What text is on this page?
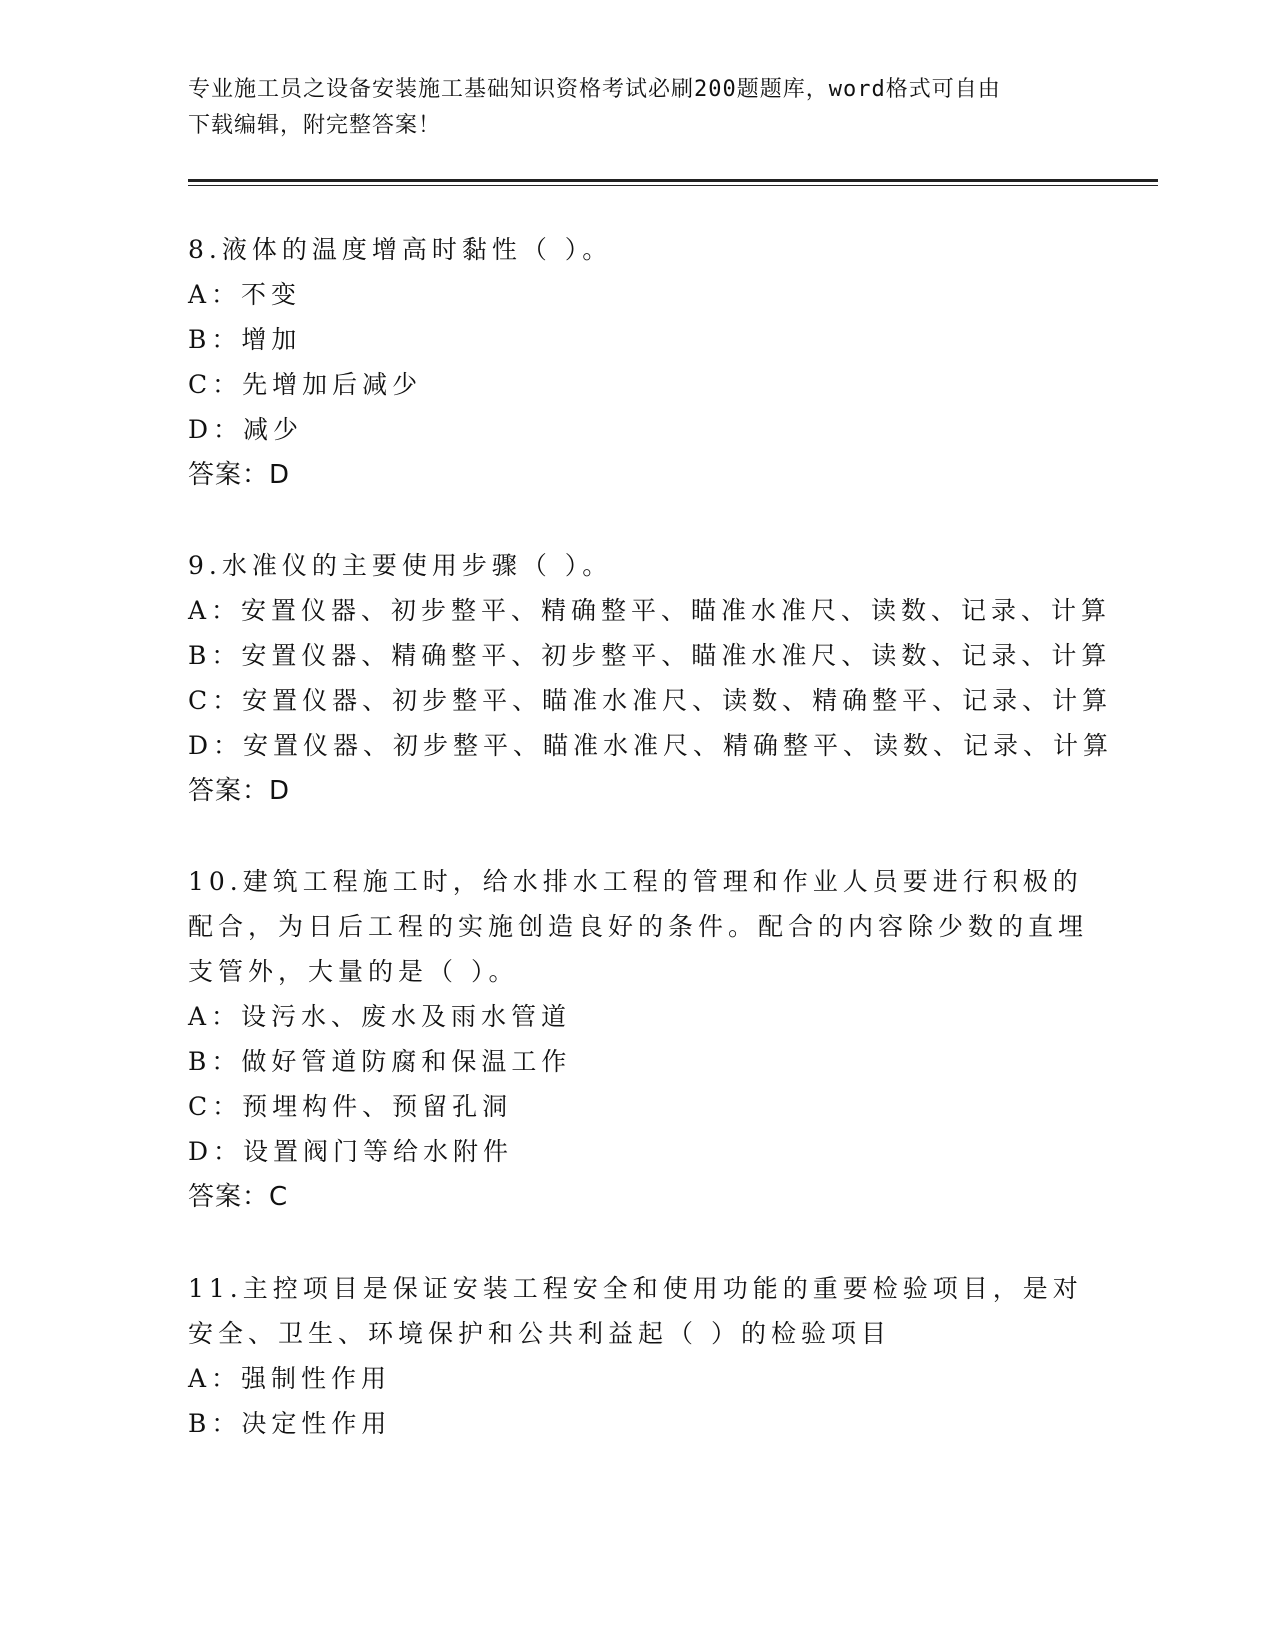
专业施工员之设备安装施工基础知识资格考试必刷200题题库，word格式可自由
下载编辑，附完整答案！
8.液体的温度增高时黏性（ ）。
A：不变
B：增加
C：先增加后减少
D：减少
答案：D
9.水准仪的主要使用步骤（ ）。
A：安置仪器、初步整平、精确整平、瞄准水准尺、读数、记录、计算
B：安置仪器、精确整平、初步整平、瞄准水准尺、读数、记录、计算
C：安置仪器、初步整平、瞄准水准尺、读数、精确整平、记录、计算
D：安置仪器、初步整平、瞄准水准尺、精确整平、读数、记录、计算
答案：D
10.建筑工程施工时，给水排水工程的管理和作业人员要进行积极的配合，为日后工程的实施创造良好的条件。配合的内容除少数的直埋支管外，大量的是（ ）。
A：设污水、废水及雨水管道
B：做好管道防腐和保温工作
C：预埋构件、预留孔洞
D：设置阀门等给水附件
答案：C
11.主控项目是保证安装工程安全和使用功能的重要检验项目，是对安全、卫生、环境保护和公共利益起（ ）的检验项目
A：强制性作用
B：决定性作用
